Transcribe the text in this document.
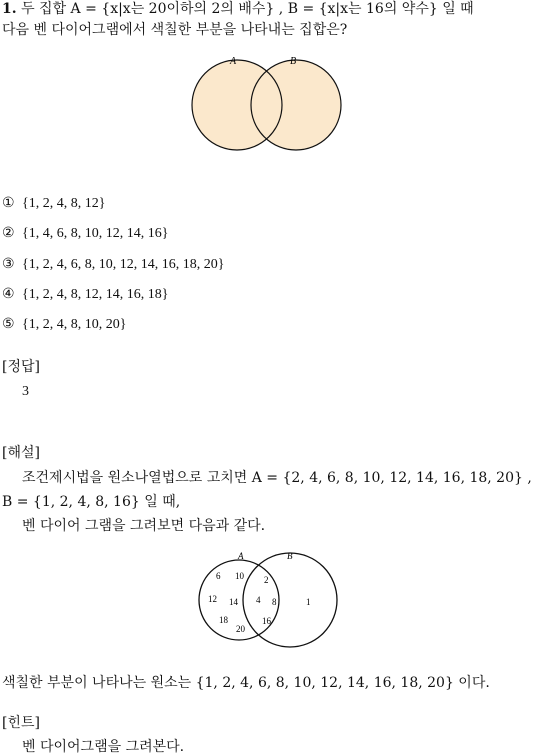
1. 두 집합 A = {x|x는 20이하의 2의 배수} , B = {x|x는 16의 약수} 일 때
다음 벤 다이어그램에서 색칠한 부분을 나타내는 집합은?
A	B
① {1, 2, 4, 8, 12}
② {1, 4, 6, 8, 10, 12, 14, 16}
③ {1, 2, 4, 6, 8, 10, 12, 14, 16, 18, 20}
④ {1, 2, 4, 8, 12, 14, 16, 18}
⑤ {1, 2, 4, 8, 10, 20}
[정답]
3
[해설]
조건제시법을 원소나열법으로 고치면 A = {2, 4, 6, 8, 10, 12, 14, 16, 18, 20} ,
B = {1, 2, 4, 8, 16} 일 때,
벤 다이어 그램을 그려보면 다음과 같다.
A	B
6 10
12 14
18
20
2
4 8
16
1
색칠한 부분이 나타나는 원소는 {1, 2, 4, 6, 8, 10, 12, 14, 16, 18, 20} 이다.
[힌트]
벤 다이어그램을 그려본다.
